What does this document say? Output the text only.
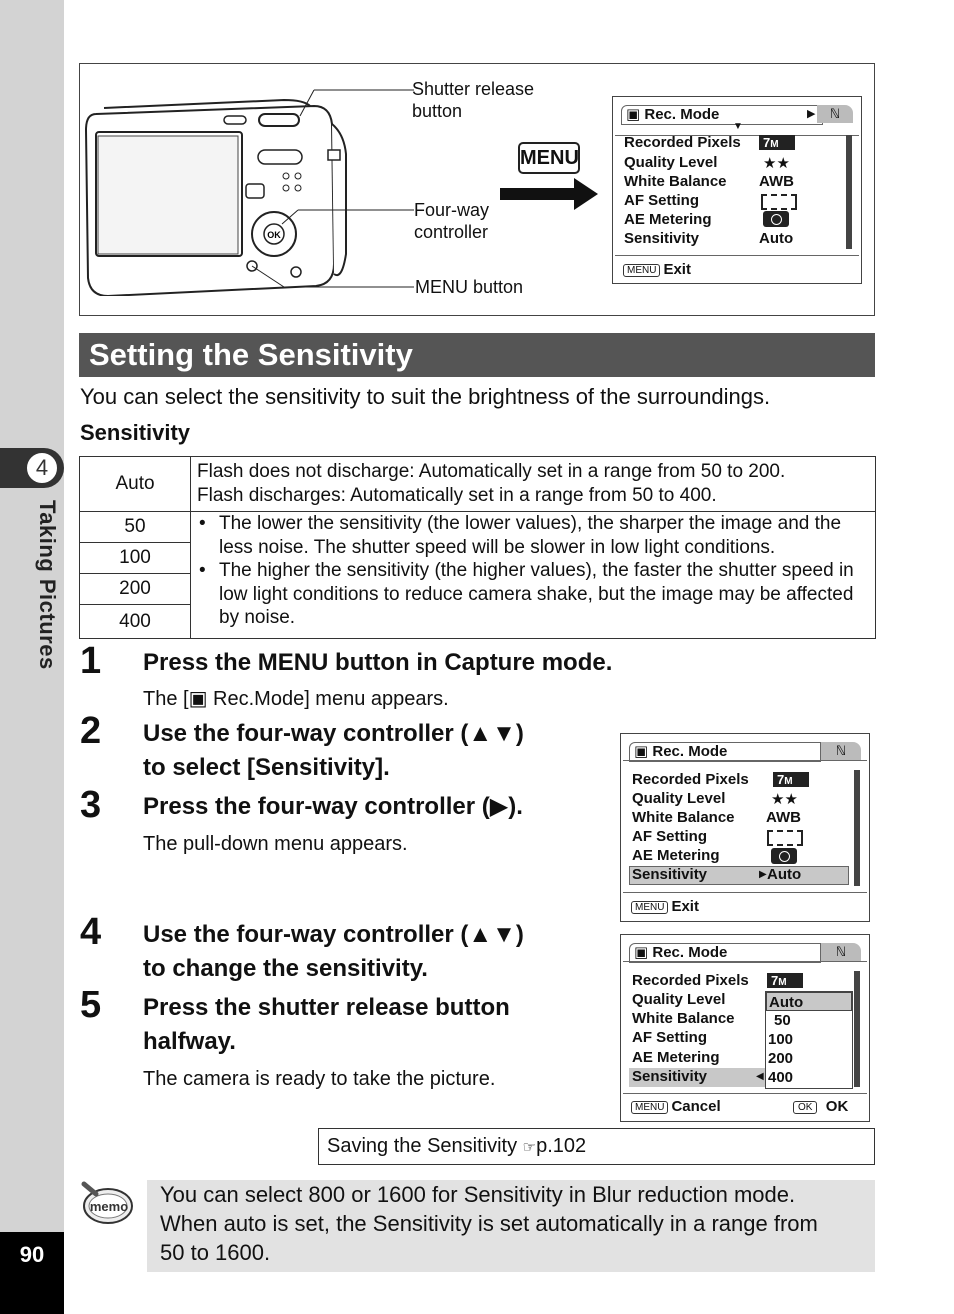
4
Taking Pictures
90
OK
Shutter release
button
Four-way
controller
MENU button
MENU
▣ Rec. Mode	▶	ℕ
▼
Recorded Pixels	7M
Quality Level	★★
White Balance AWB
AF Setting
AE Metering
Sensitivity	Auto
MENU Exit
Setting the Sensitivity
You can select the sensitivity to suit the brightness of the surroundings.
Sensitivity
Auto	Flash does not discharge: Automatically set in a range from 50 to 200.
Flash discharges: Automatically set in a range from 50 to 400.

50	• The lower the sensitivity (the lower values), the sharper the image and the less noise. The shutter speed will be slower in low light conditions.
• The higher the sensitivity (the higher values), the faster the shutter speed in low light conditions to reduce camera shake, but the image may be affected by noise.

100	
200	
400	
1 Press the MENU button in Capture mode.
The [▣ Rec.Mode] menu appears.
2 Use the four-way controller (▲▼)
to select [Sensitivity].
3 Press the four-way controller (▶).
The pull-down menu appears.
4 Use the four-way controller (▲▼)
to change the sensitivity.
5 Press the shutter release button
halfway.
The camera is ready to take the picture.
▣ Rec. Mode	ℕ
Recorded Pixels	7M
Quality Level	★★
White Balance AWB
AF Setting
AE Metering
Sensitivity	▶ Auto
MENU Exit
▣ Rec. Mode	ℕ
Recorded Pixels	7M
Quality Level
White Balance
AF Setting
AE Metering
Sensitivity	◀
Auto
50
100
200
400
MENU Cancel	OK OK
Saving the Sensitivity ☞p.102
memo You can select 800 or 1600 for Sensitivity in Blur reduction mode.
When auto is set, the Sensitivity is set automatically in a range from
50 to 1600.
